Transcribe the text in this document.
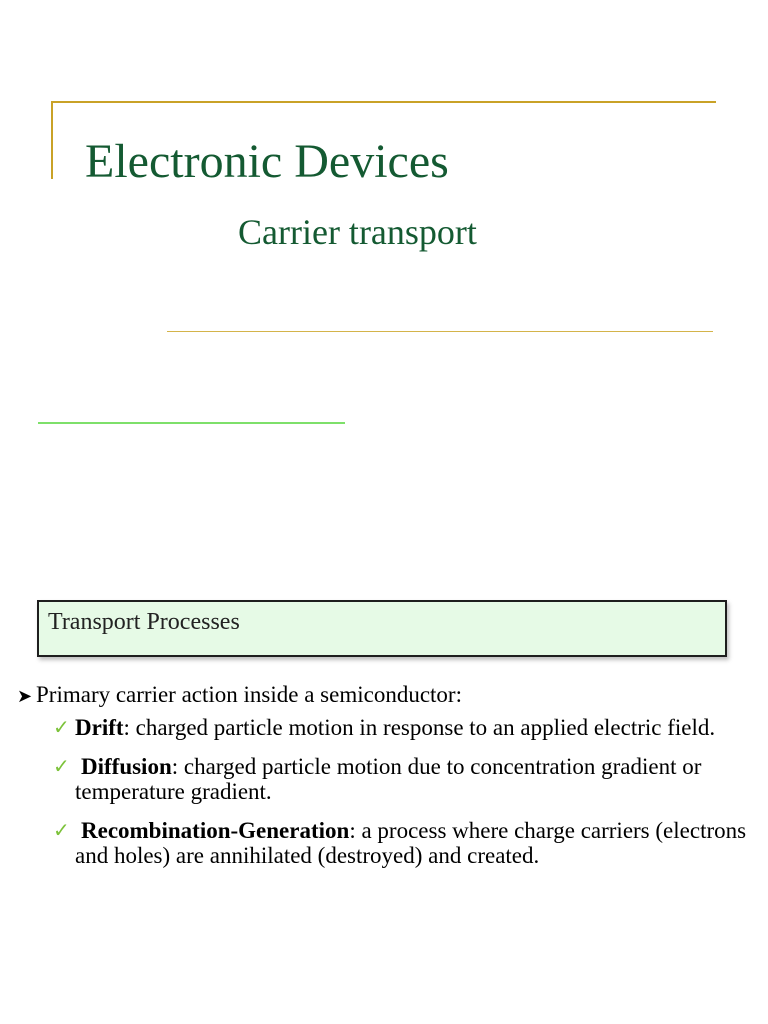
Electronic Devices
Carrier transport
Transport Processes
➤ Primary carrier action inside a semiconductor:
✓ Drift: charged particle motion in response to an applied electric field.
✓ Diffusion: charged particle motion due to concentration gradient or temperature gradient.
✓ Recombination-Generation: a process where charge carriers (electrons and holes) are annihilated (destroyed) and created.
